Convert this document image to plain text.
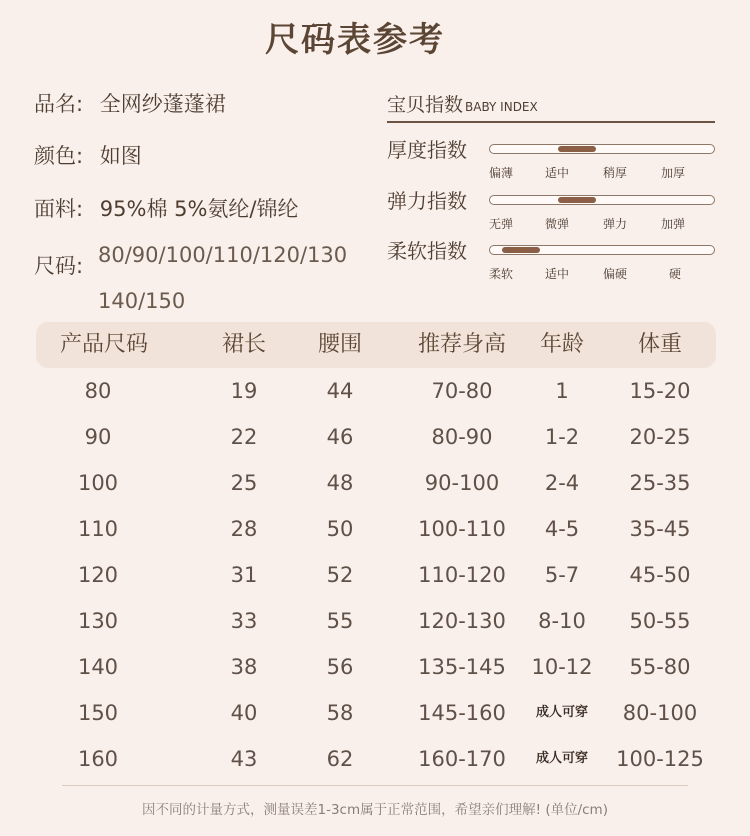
尺码表参考
品名: 全网纱蓬蓬裙
颜色: 如图
面料: 95%棉 5%氨纶/锦纶
尺码: 80/90/100/110/120/130
140/150
宝贝指数 BABY INDEX
厚度指数
偏薄	适中	稍厚	加厚
弹力指数
无弹	微弹	弹力	加弹
柔软指数
柔软	适中	偏硬	硬
产品尺码	裙长	腰围	推荐身高	年龄	体重
80	19	44	70-80	1	15-20
90	22	46	80-90	1-2	20-25
100	25	48	90-100	2-4	25-35
110	28	50	100-110	4-5	35-45
120	31	52	110-120	5-7	45-50
130	33	55	120-130	8-10	50-55
140	38	56	135-145	10-12	55-80
150	40	58	145-160	成人可穿	80-100
160	43	62	160-170	成人可穿	100-125
因不同的计量方式，测量误差1-3cm属于正常范围，希望亲们理解! (单位/cm)
